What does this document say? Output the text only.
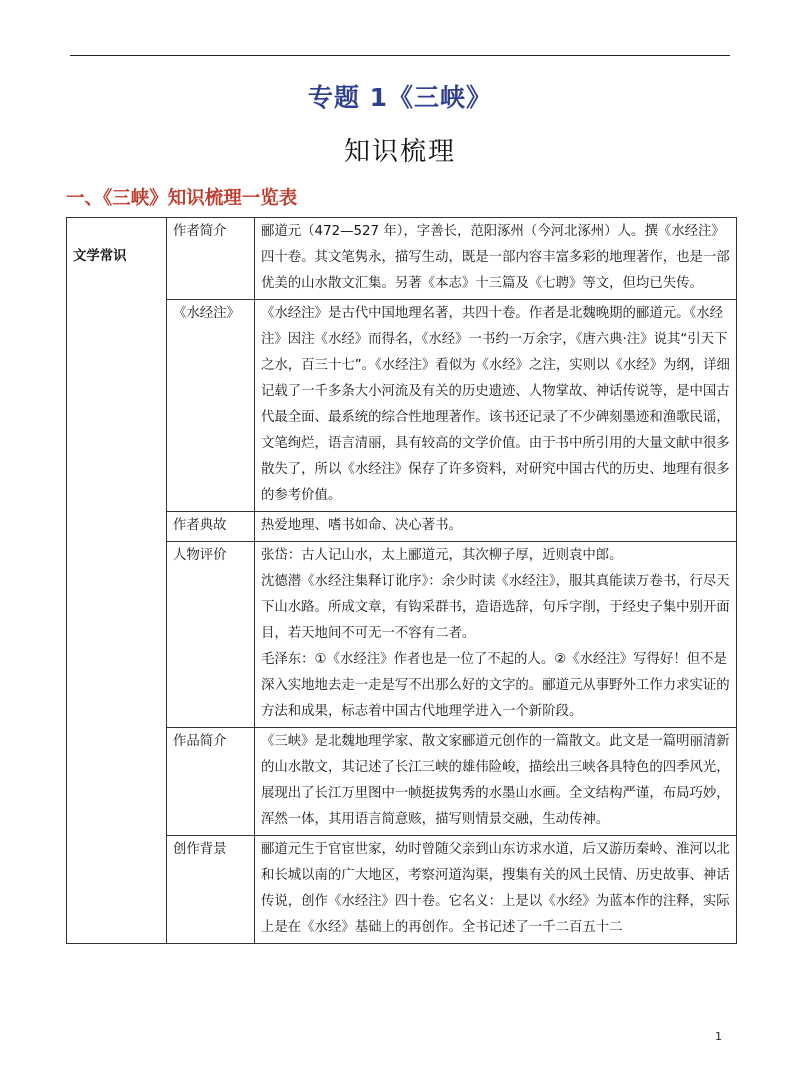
专题 1《三峡》
知识梳理
一、《三峡》知识梳理一览表
文学常识	作者简介	郦道元（472—527 年），字善长，范阳涿州（今河北涿州）人。撰《水经注》四十卷。其文笔隽永，描写生动，既是一部内容丰富多彩的地理著作，也是一部优美的山水散文汇集。另著《本志》十三篇及《七聘》等文，但均已失传。
	《水经注》	《水经注》是古代中国地理名著，共四十卷。作者是北魏晚期的郦道元。《水经注》因注《水经》而得名，《水经》一书约一万余字，《唐六典·注》说其“引天下之水，百三十七”。《水经注》看似为《水经》之注，实则以《水经》为纲，详细记载了一千多条大小河流及有关的历史遗迹、人物掌故、神话传说等，是中国古代最全面、最系统的综合性地理著作。该书还记录了不少碑刻墨迹和渔歌民谣，文笔绚烂，语言清丽，具有较高的文学价值。由于书中所引用的大量文献中很多散失了，所以《水经注》保存了许多资料，对研究中国古代的历史、地理有很多的参考价值。
	作者典故	热爱地理、嗜书如命、决心著书。
	人物评价	张岱：古人记山水，太上郦道元，其次柳子厚，近则袁中郎。
沈德潜《水经注集释订讹序》：余少时读《水经注》，服其真能读万卷书，行尽天下山水路。所成文章，有钩采群书，造语选辞，句斥字削，于经史子集中别开面目，若天地间不可无一不容有二者。
毛泽东：①《水经注》作者也是一位了不起的人。②《水经注》写得好！但不是深入实地地去走一走是写不出那么好的文字的。郦道元从事野外工作力求实证的方法和成果，标志着中国古代地理学进入一个新阶段。

	作品简介	《三峡》是北魏地理学家、散文家郦道元创作的一篇散文。此文是一篇明丽清新的山水散文，其记述了长江三峡的雄伟险峻，描绘出三峡各具特色的四季风光，展现出了长江万里图中一帧挺拔隽秀的水墨山水画。全文结构严谨，布局巧妙，浑然一体，其用语言简意赅，描写则情景交融，生动传神。
	创作背景	郦道元生于官宦世家，幼时曾随父亲到山东访求水道，后又游历秦岭、淮河以北和长城以南的广大地区，考察河道沟渠，搜集有关的风土民情、历史故事、神话传说，创作《水经注》四十卷。它名义：上是以《水经》为蓝本作的注释，实际上是在《水经》基础上的再创作。全书记述了一千二百五十二
1
